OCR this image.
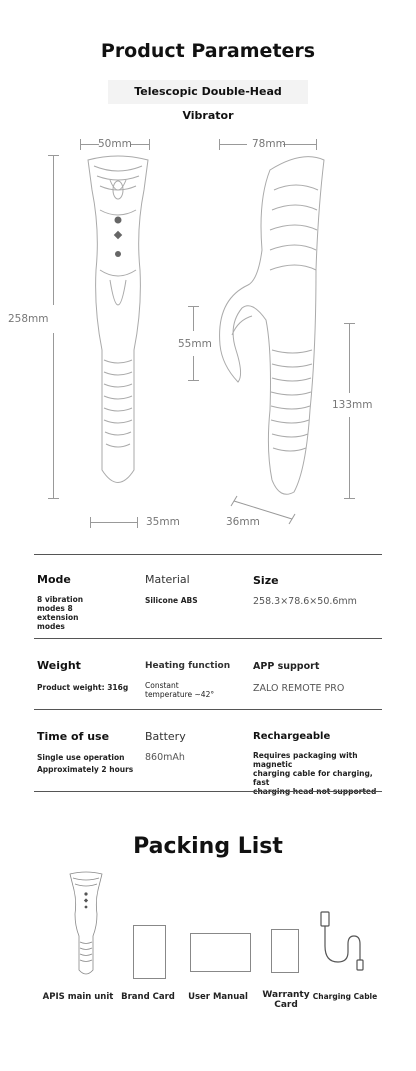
Product Parameters
Telescopic Double-Head Vibrator
50mm
258mm
55mm
35mm
78mm
133mm
36mm
Mode
8 vibration
modes 8
extension
modes
Material
Silicone ABS
Size
258.3×78.6×50.6mm
Weight
Product weight: 316g
Heating function
Constant
temperature ~42°
APP support
ZALO REMOTE PRO
Time of use
Single use operation
Approximately 2 hours
Battery
860mAh
Rechargeable
Requires packaging with magnetic
charging cable for charging, fast

Packing List
APIS main unit Brand Card	User Manual	Warranty
Card
Charging Cable
